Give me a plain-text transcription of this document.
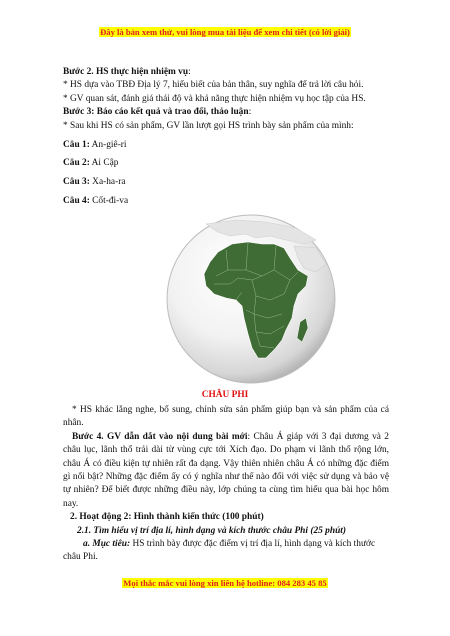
Đây là bản xem thử, vui lòng mua tài liệu để xem chi tiết (có lời giải)

Bước 2. HS thực hiện nhiệm vụ:

* HS dựa vào TBĐ Địa lý 7, hiểu biết của bản thân, suy nghĩa để trả lời câu hỏi.

* GV quan sát, đánh giá thái độ và khả năng thực hiện nhiệm vụ học tập của HS.

Bước 3: Báo cáo kết quả và trao đổi, thảo luận:

* Sau khi HS có sản phẩm, GV lần lượt gọi HS trình bày sản phẩm của mình:

Câu 1: An-giê-ri

Câu 2: Ai Cập

Câu 3: Xa-ha-ra

Câu 4: Cốt-đi-va

CHÂU PHI

* HS khác lắng nghe, bổ sung, chỉnh sửa sản phẩm giúp bạn và sản phẩm của cá nhân.

Bước 4. GV dẫn dắt vào nội dung bài mới: Châu Á giáp với 3 đại dương và 2 châu lục, lãnh thổ trải dài từ vùng cực tới Xích đạo. Do phạm vi lãnh thổ rộng lớn, châu Á có điều kiện tự nhiên rất đa dạng. Vậy thiên nhiên châu Á có những đặc điểm gì nổi bật? Những đặc điểm ấy có ý nghĩa như thế nào đối với việc sử dụng và bảo vệ tự nhiên? Để biết được những điều này, lớp chúng ta cùng tìm hiểu qua bài học hôm nay.

2. Hoạt động 2: Hình thành kiến thức (100 phút)

2.1. Tìm hiểu vị trí địa lí, hình dạng và kích thước châu Phi (25 phút)

a. Mục tiêu: HS trình bày được đặc điểm vị trí địa lí, hình dạng và kích thước châu Phi.

Mọi thắc mắc vui lòng xin liên hệ hotline: 084 283 45 85
